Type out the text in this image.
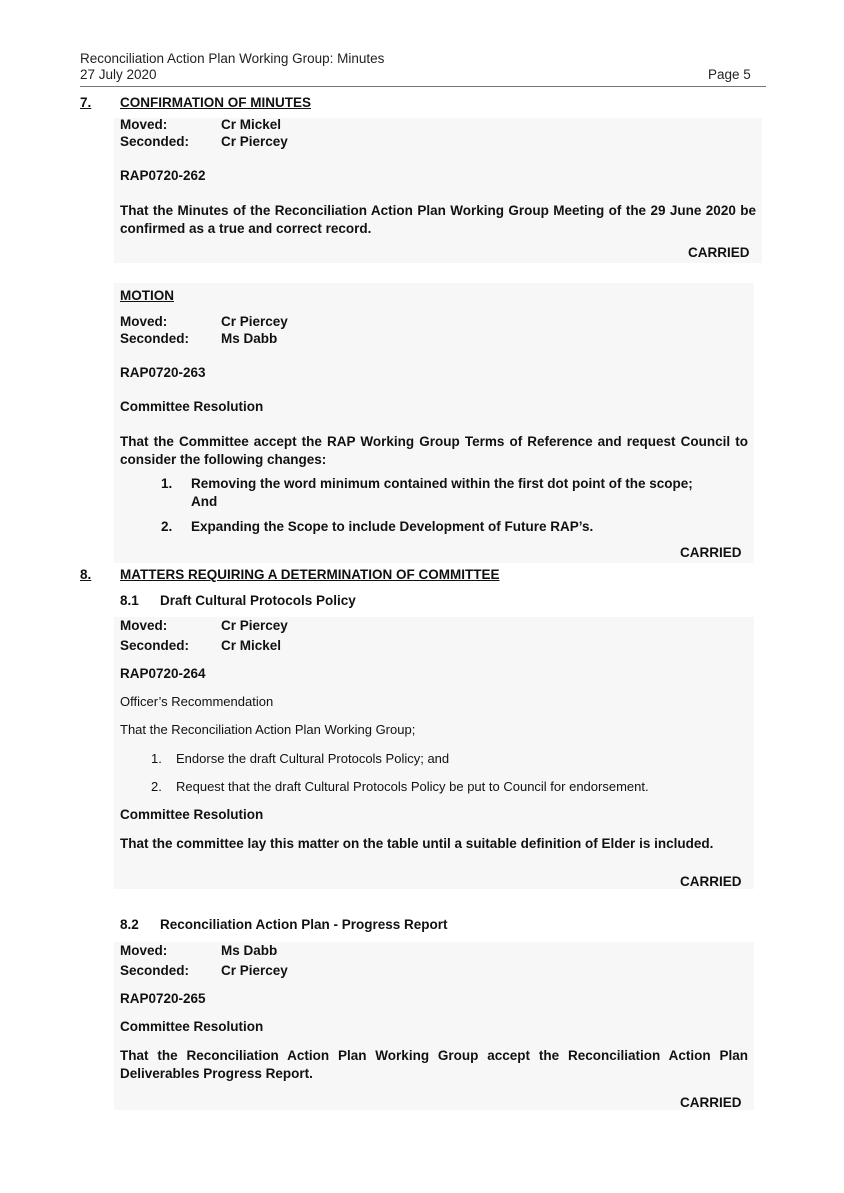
Reconciliation Action Plan Working Group: Minutes
27 July 2020	Page 5
7. CONFIRMATION OF MINUTES
Moved:	Cr Mickel
Seconded: Cr Piercey
RAP0720-262
That the Minutes of the Reconciliation Action Plan Working Group Meeting of the 29 June 2020 be confirmed as a true and correct record.
CARRIED
MOTION
Moved:	Cr Piercey
Seconded: Ms Dabb
RAP0720-263
Committee Resolution
That the Committee accept the RAP Working Group Terms of Reference and request Council to consider the following changes:
1. Removing the word minimum contained within the first dot point of the scope;
And
2. Expanding the Scope to include Development of Future RAP’s.
CARRIED
8. MATTERS REQUIRING A DETERMINATION OF COMMITTEE
8.1 Draft Cultural Protocols Policy
Moved:	Cr Piercey
Seconded: Cr Mickel
RAP0720-264
Officer’s Recommendation
That the Reconciliation Action Plan Working Group;
1. Endorse the draft Cultural Protocols Policy; and
2. Request that the draft Cultural Protocols Policy be put to Council for endorsement.
Committee Resolution
That the committee lay this matter on the table until a suitable definition of Elder is included.
CARRIED
8.2 Reconciliation Action Plan - Progress Report
Moved:	Ms Dabb
Seconded: Cr Piercey
RAP0720-265
Committee Resolution
That the Reconciliation Action Plan Working Group accept the Reconciliation Action Plan Deliverables Progress Report.
CARRIED
